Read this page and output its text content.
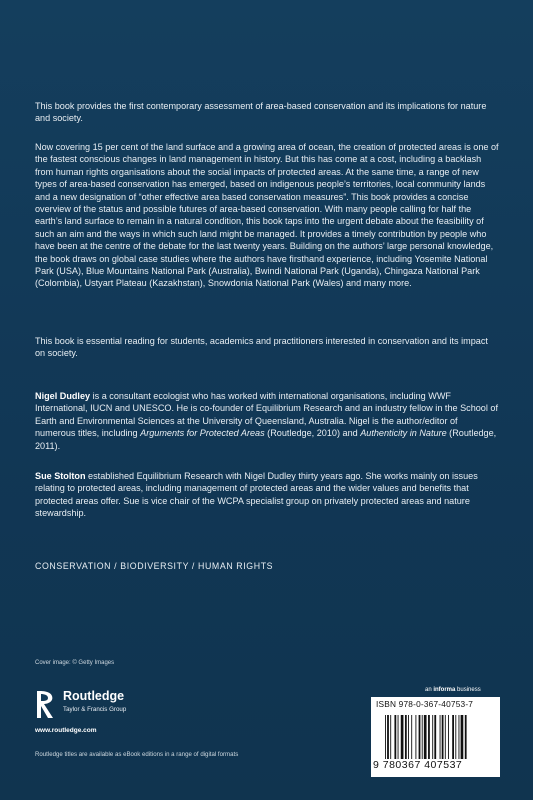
This book provides the first contemporary assessment of area-based conservation and its implications for nature and society.
Now covering 15 per cent of the land surface and a growing area of ocean, the creation of protected areas is one of the fastest conscious changes in land management in history. But this has come at a cost, including a backlash from human rights organisations about the social impacts of protected areas. At the same time, a range of new types of area-based conservation has emerged, based on indigenous people’s territories, local community lands and a new designation of “other effective area based conservation measures”. This book provides a concise overview of the status and possible futures of area-based conservation. With many people calling for half the earth’s land surface to remain in a natural condition, this book taps into the urgent debate about the feasibility of such an aim and the ways in which such land might be managed. It provides a timely contribution by people who have been at the centre of the debate for the last twenty years. Building on the authors’ large personal knowledge, the book draws on global case studies where the authors have firsthand experience, including Yosemite National Park (USA), Blue Mountains National Park (Australia), Bwindi National Park (Uganda), Chingaza National Park (Colombia), Ustyart Plateau (Kazakhstan), Snowdonia National Park (Wales) and many more.
This book is essential reading for students, academics and practitioners interested in conservation and its impact on society.
Nigel Dudley is a consultant ecologist who has worked with international organisations, including WWF International, IUCN and UNESCO. He is co-founder of Equilibrium Research and an industry fellow in the School of Earth and Environmental Sciences at the University of Queensland, Australia. Nigel is the author/editor of numerous titles, including Arguments for Protected Areas (Routledge, 2010) and Authenticity in Nature (Routledge, 2011).
Sue Stolton established Equilibrium Research with Nigel Dudley thirty years ago. She works mainly on issues relating to protected areas, including management of protected areas and the wider values and benefits that protected areas offer. Sue is vice chair of the WCPA specialist group on privately protected areas and nature stewardship.
CONSERVATION / BIODIVERSITY / HUMAN RIGHTS
Cover image: © Getty Images
Routledge
Taylor & Francis Group
www.routledge.com
Routledge titles are available as eBook editions in a range of digital formats
an informa business
ISBN 978-0-367-40753-7
9 780367 407537
